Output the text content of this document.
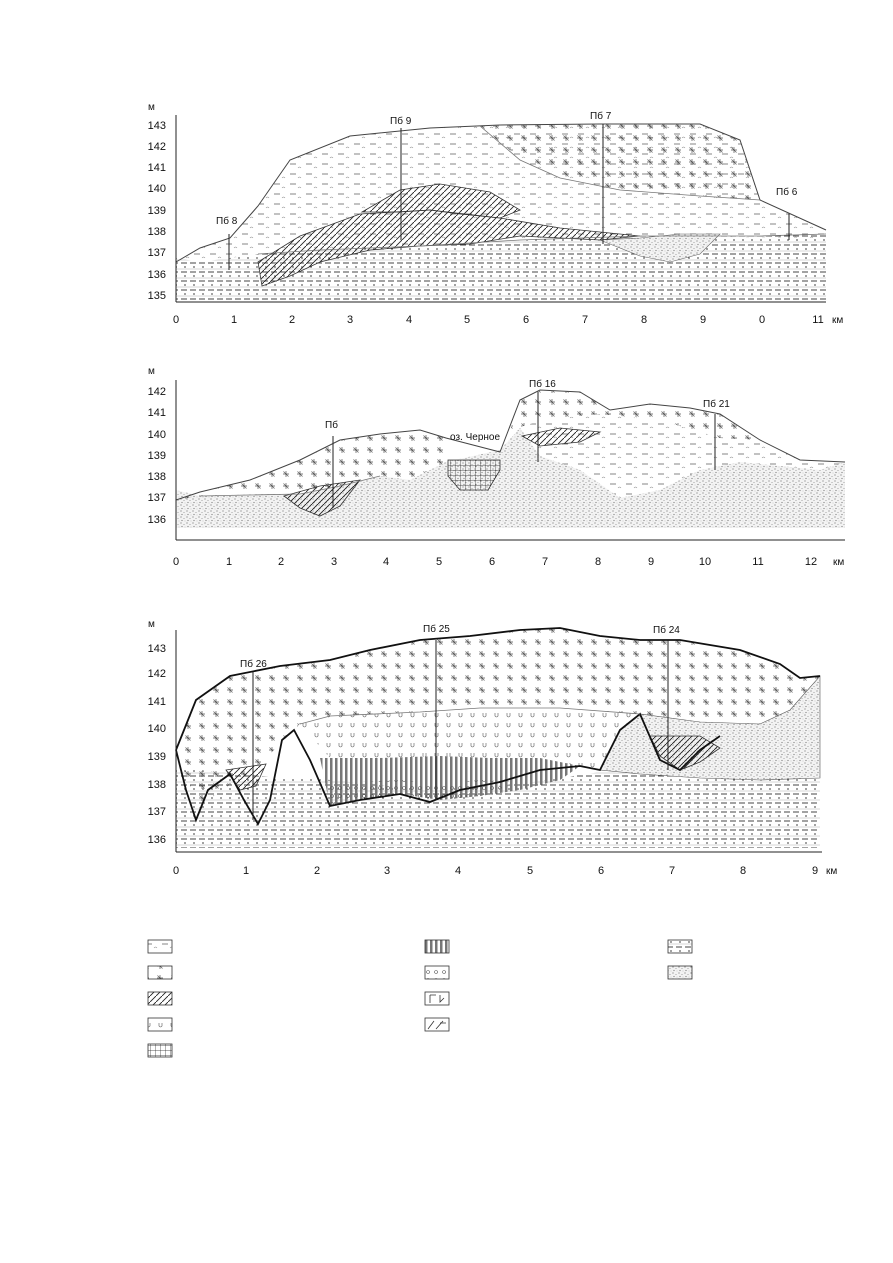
м
км
143
142
141
140
139
138
137
136
135
0	1	2	3	4	5	6	7	8	9	0	11
Пб 8
Пб 9	Пб 7
Пб 6
м
км
142
141
140
139
138
137
136
0	1	2	3	4	5	6	7	8	9	10	11	12
Пб
Пб 16
Пб 21
оз. Черное
м
км
143
142
141
140
139
138
137
136
0	1	2	3	4	5	6	7	8	9
Пб 26
Пб 25	Пб 24
